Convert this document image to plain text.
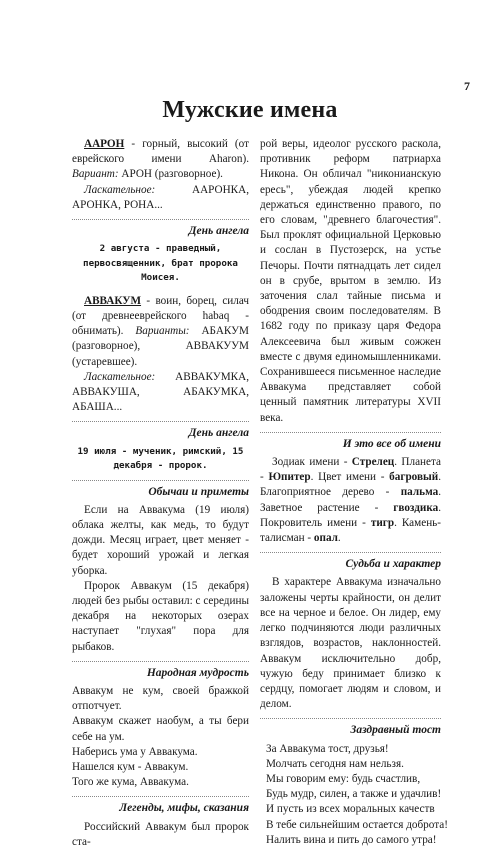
7
Мужские имена

ААРОН - горный, высокий (от еврейского имени Aharon). Вариант: АРОН (разговорное).

Ласкательное: ААРОНКА, АРОНКА, РОНА...

День ангела
2 августа - праведный, первосвященник, брат пророка Моисея.

АВВАКУМ - воин, борец, силач (от древнееврейского habaq - обнимать). Варианты: АБАКУМ (разговорное), АВВАКУУМ (устаревшее).

Ласкательное: АВВАКУМКА, АВВАКУША, АБАКУМКА, АБАША...

День ангела
19 июля - мученик, римский, 15 декабря - пророк.
Обычаи и приметы

Если на Аввакума (19 июля) облака желты, как медь, то будут дожди. Месяц играет, цвет меняет - будет хороший урожай и легкая уборка.

Пророк Аввакум (15 декабря) людей без рыбы оставил: с середины декабря на некоторых озерах наступает "глухая" пора для рыбаков.

Народная мудрость

Аввакум не кум, своей бражкой отпотчует.

Аввакум скажет наобум, а ты бери себе на ум.

Наберись ума у Аввакума.

Нашелся кум - Аввакум.

Того же кума, Аввакума.

Легенды, мифы, сказания

Российский Аввакум был пророк ста-

рой веры, идеолог русского раскола, противник реформ патриарха Никона. Он обличал "никонианскую ересь", убеждая людей крепко держаться единственно правого, по его словам, "древнего благочестия". Был проклят официальной Церковью и сослан в Пустозерск, на устье Печоры. Почти пятнадцать лет сидел он в срубе, врытом в землю. Из заточения слал тайные письма и ободрения своим последователям. В 1682 году по приказу царя Федора Алексеевича был живым сожжен вместе с двумя единомышленниками. Сохранившееся письменное наследие Аввакума представляет собой ценный памятник литературы XVII века.

И это все об имени

Зодиак имени - Стрелец. Планета - Юпитер. Цвет имени - багровый. Благоприятное дерево - пальма. Заветное растение - гвоздика. Покровитель имени - тигр. Камень-талисман - опал.

Судьба и характер

В характере Аввакума изначально заложены черты крайности, он делит все на черное и белое. Он лидер, ему легко подчиняются люди различных взглядов, возрастов, наклонностей. Аввакум исключительно добр, чужую беду принимает близко к сердцу, помогает людям и словом, и делом.

Заздравный тост
За Аввакума тост, друзья!
Молчать сегодня нам нельзя.
Мы говорим ему: будь счастлив,
Будь мудр, силен, а также и удачлив!
И пусть из всех моральных качеств
В тебе сильнейшим остается доброта!
Налить вина и пить до самого утра!
